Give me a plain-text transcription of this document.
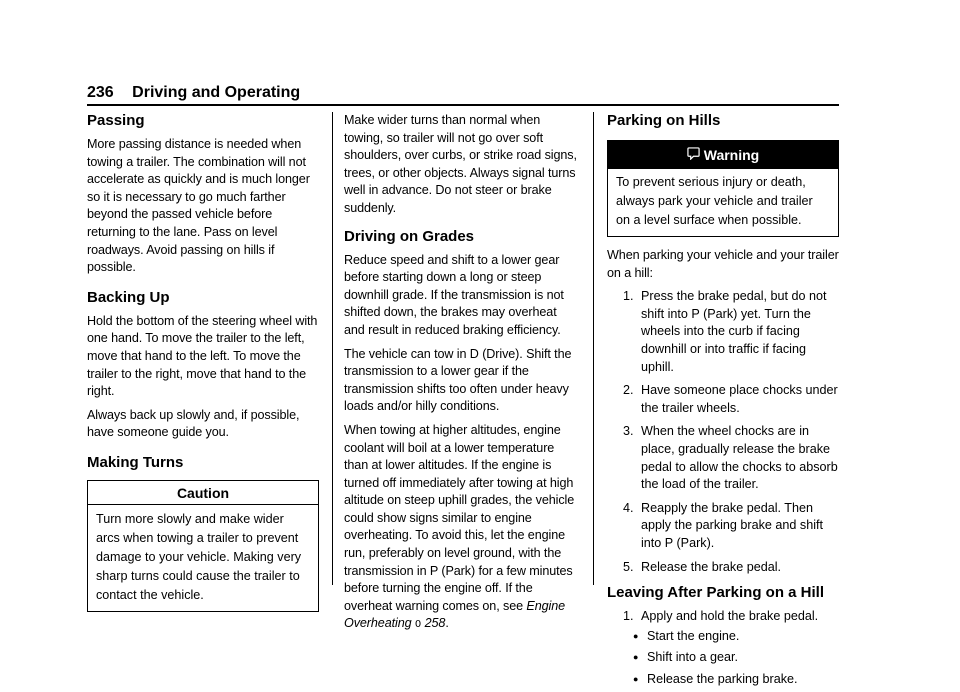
236 Driving and Operating
Passing

More passing distance is needed when towing a trailer. The combination will not accelerate as quickly and is much longer so it is necessary to go much farther beyond the passed vehicle before returning to the lane. Pass on level roadways. Avoid passing on hills if possible.

Backing Up

Hold the bottom of the steering wheel with one hand. To move the trailer to the left, move that hand to the left. To move the trailer to the right, move that hand to the right.

Always back up slowly and, if possible, have someone guide you.

Making Turns
Caution
Turn more slowly and make wider arcs when towing a trailer to prevent damage to your vehicle. Making very sharp turns could cause the trailer to contact the vehicle.

Make wider turns than normal when towing, so trailer will not go over soft shoulders, over curbs, or strike road signs, trees, or other objects. Always signal turns well in advance. Do not steer or brake suddenly.

Driving on Grades

Reduce speed and shift to a lower gear before starting down a long or steep downhill grade. If the transmission is not shifted down, the brakes may overheat and result in reduced braking efficiency.

The vehicle can tow in D (Drive). Shift the transmission to a lower gear if the transmission shifts too often under heavy loads and/or hilly conditions.

When towing at higher altitudes, engine coolant will boil at a lower temperature than at lower altitudes. If the engine is turned off immediately after towing at high altitude on steep uphill grades, the vehicle could show signs similar to engine overheating. To avoid this, let the engine run, preferably on level ground, with the transmission in P (Park) for a few minutes before turning the engine off. If the overheat warning comes on, see Engine Overheating 0 258.

Parking on Hills
Warning
To prevent serious injury or death, always park your vehicle and trailer on a level surface when possible.

When parking your vehicle and your trailer on a hill:

1. Press the brake pedal, but do not shift into P (Park) yet. Turn the wheels into the curb if facing downhill or into traffic if facing uphill.
2. Have someone place chocks under the trailer wheels.
3. When the wheel chocks are in place, gradually release the brake pedal to allow the chocks to absorb the load of the trailer.
4. Reapply the brake pedal. Then apply the parking brake and shift into P (Park).
5. Release the brake pedal.
Leaving After Parking on a Hill
1. Apply and hold the brake pedal.
● Start the engine.
● Shift into a gear.
● Release the parking brake.
